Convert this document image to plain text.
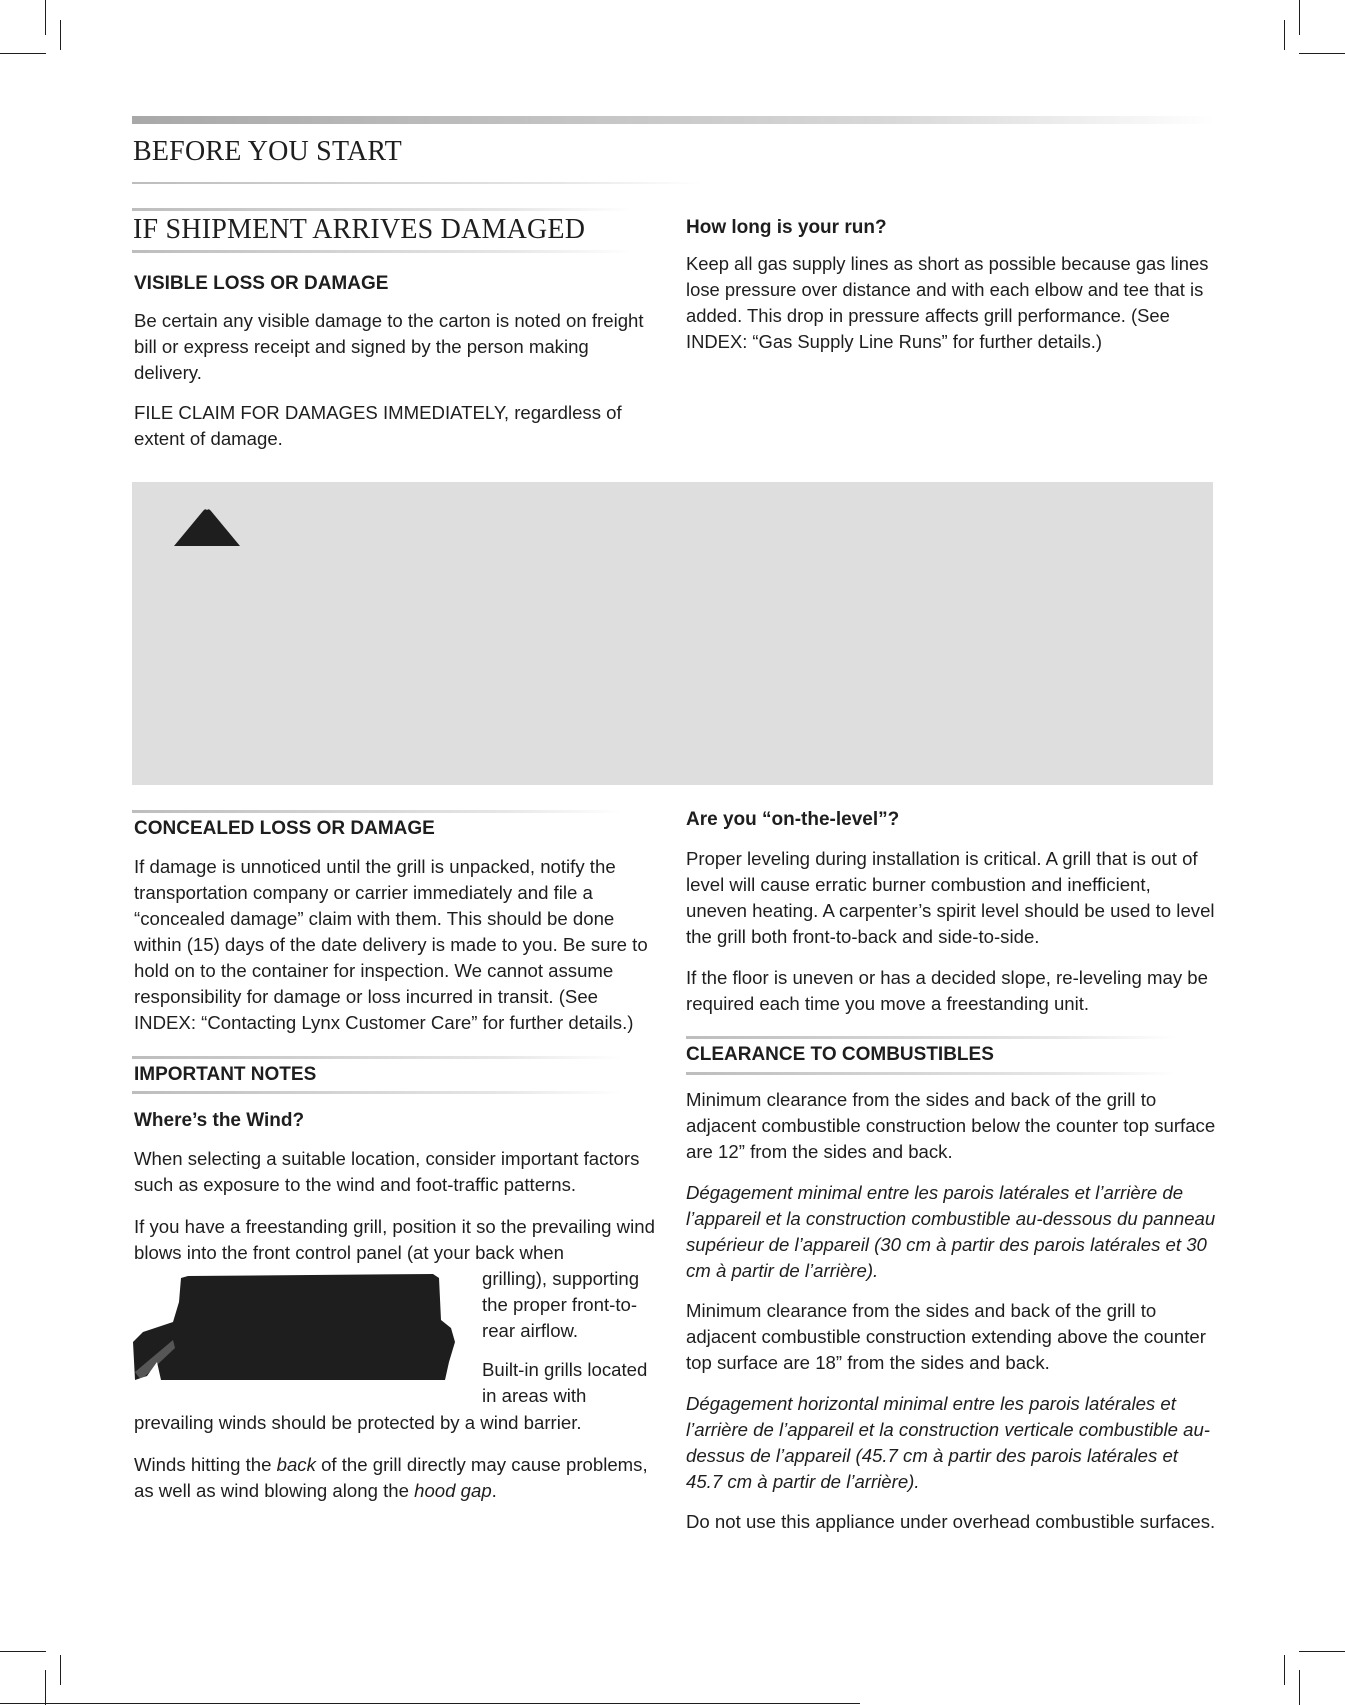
BEFORE YOU START
IF SHIPMENT ARRIVES DAMAGED
VISIBLE LOSS OR DAMAGE

Be certain any visible damage to the carton is noted on freight bill or express receipt and signed by the person making delivery.

FILE CLAIM FOR DAMAGES IMMEDIATELY, regardless of extent of damage.

How long is your run?

Keep all gas supply lines as short as possible because gas lines lose pressure over distance and with each elbow and tee that is added. This drop in pressure affects grill performance. (See INDEX: “Gas Supply Line Runs” for further details.)

CONCEALED LOSS OR DAMAGE

If damage is unnoticed until the grill is unpacked, notify the transportation company or carrier immediately and file a “concealed damage” claim with them. This should be done within (15) days of the date delivery is made to you. Be sure to hold on to the container for inspection. We cannot assume responsibility for damage or loss incurred in transit. (See INDEX: “Contacting Lynx Customer Care” for further details.)

IMPORTANT NOTES
Where’s the Wind?

When selecting a suitable location, consider important factors such as exposure to the wind and foot-traffic patterns.

If you have a freestanding grill, position it so the prevailing wind blows into the front control panel (at your back when

grilling), supporting the proper front-to-rear airflow.

Built-in grills located in areas with

prevailing winds should be protected by a wind barrier.

Winds hitting the back of the grill directly may cause problems, as well as wind blowing along the hood gap.

Are you “on-the-level”?

Proper leveling during installation is critical. A grill that is out of level will cause erratic burner combustion and inefficient, uneven heating. A carpenter’s spirit level should be used to level the grill both front-to-back and side-to-side.

If the floor is uneven or has a decided slope, re-leveling may be required each time you move a freestanding unit.

CLEARANCE TO COMBUSTIBLES

Minimum clearance from the sides and back of the grill to adjacent combustible construction below the counter top surface are 12” from the sides and back.

Dégagement minimal entre les parois latérales et l’arrière de l’appareil et la construction combustible au-dessous du panneau supérieur de l’appareil (30 cm à partir des parois latérales et 30 cm à partir de l’arrière).

Minimum clearance from the sides and back of the grill to adjacent combustible construction extending above the counter top surface are 18” from the sides and back.

Dégagement horizontal minimal entre les parois latérales et l’arrière de l’appareil et la construction verticale combustible au-dessus de l’appareil (45.7 cm à partir des parois latérales et 45.7 cm à partir de l’arrière).

Do not use this appliance under overhead combustible surfaces.
